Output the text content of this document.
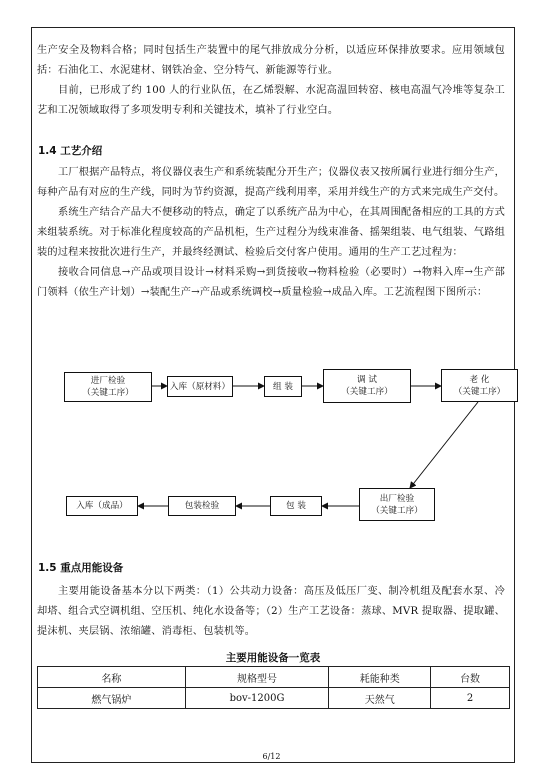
生产安全及物料合格；同时包括生产装置中的尾气排放成分分析，以适应环保排放要求。应用领域包括：石油化工、水泥建材、钢铁冶金、空分特气、新能源等行业。

目前，已形成了约 100 人的行业队伍，在乙烯裂解、水泥高温回转窑、核电高温气冷堆等复杂工艺和工况领域取得了多项发明专利和关键技术，填补了行业空白。

1.4 工艺介绍

工厂根据产品特点，将仪器仪表生产和系统装配分开生产；仪器仪表又按所属行业进行细分生产，每种产品有对应的生产线，同时为节约资源，提高产线利用率，采用并线生产的方式来完成生产交付。

系统生产结合产品大不便移动的特点，确定了以系统产品为中心，在其周围配备相应的工具的方式来组装系统。对于标准化程度较高的产品机柜，生产过程分为线束准备、摇架组装、电气组装、气路组装的过程来按批次进行生产，并最终经测试、检验后交付客户使用。通用的生产工艺过程为：

接收合同信息→产品或项目设计→材料采购→到货接收→物料检验（必要时）→物料入库→生产部门领料（依生产计划）→装配生产→产品或系统调校→质量检验→成品入库。工艺流程图下图所示：

进厂检验
（关键工序）
入库（原材料）	组 装
调 试
（关键工序）
老 化
（关键工序）
出厂检验
（关键工序）
包 装
包装检验
入库（成品）
1.5 重点用能设备

主要用能设备基本分以下两类：（1）公共动力设备：高压及低压厂变、制冷机组及配套水泵、冷却塔、组合式空调机组、空压机、纯化水设备等；（2）生产工艺设备：蒸球、MVR 提取器、提取罐、提沫机、夹层锅、浓缩罐、消毒柜、包装机等。

主要用能设备一览表
名称	规格型号	耗能种类	台数
燃气锅炉	bov-1200G	天然气	2
6/12
